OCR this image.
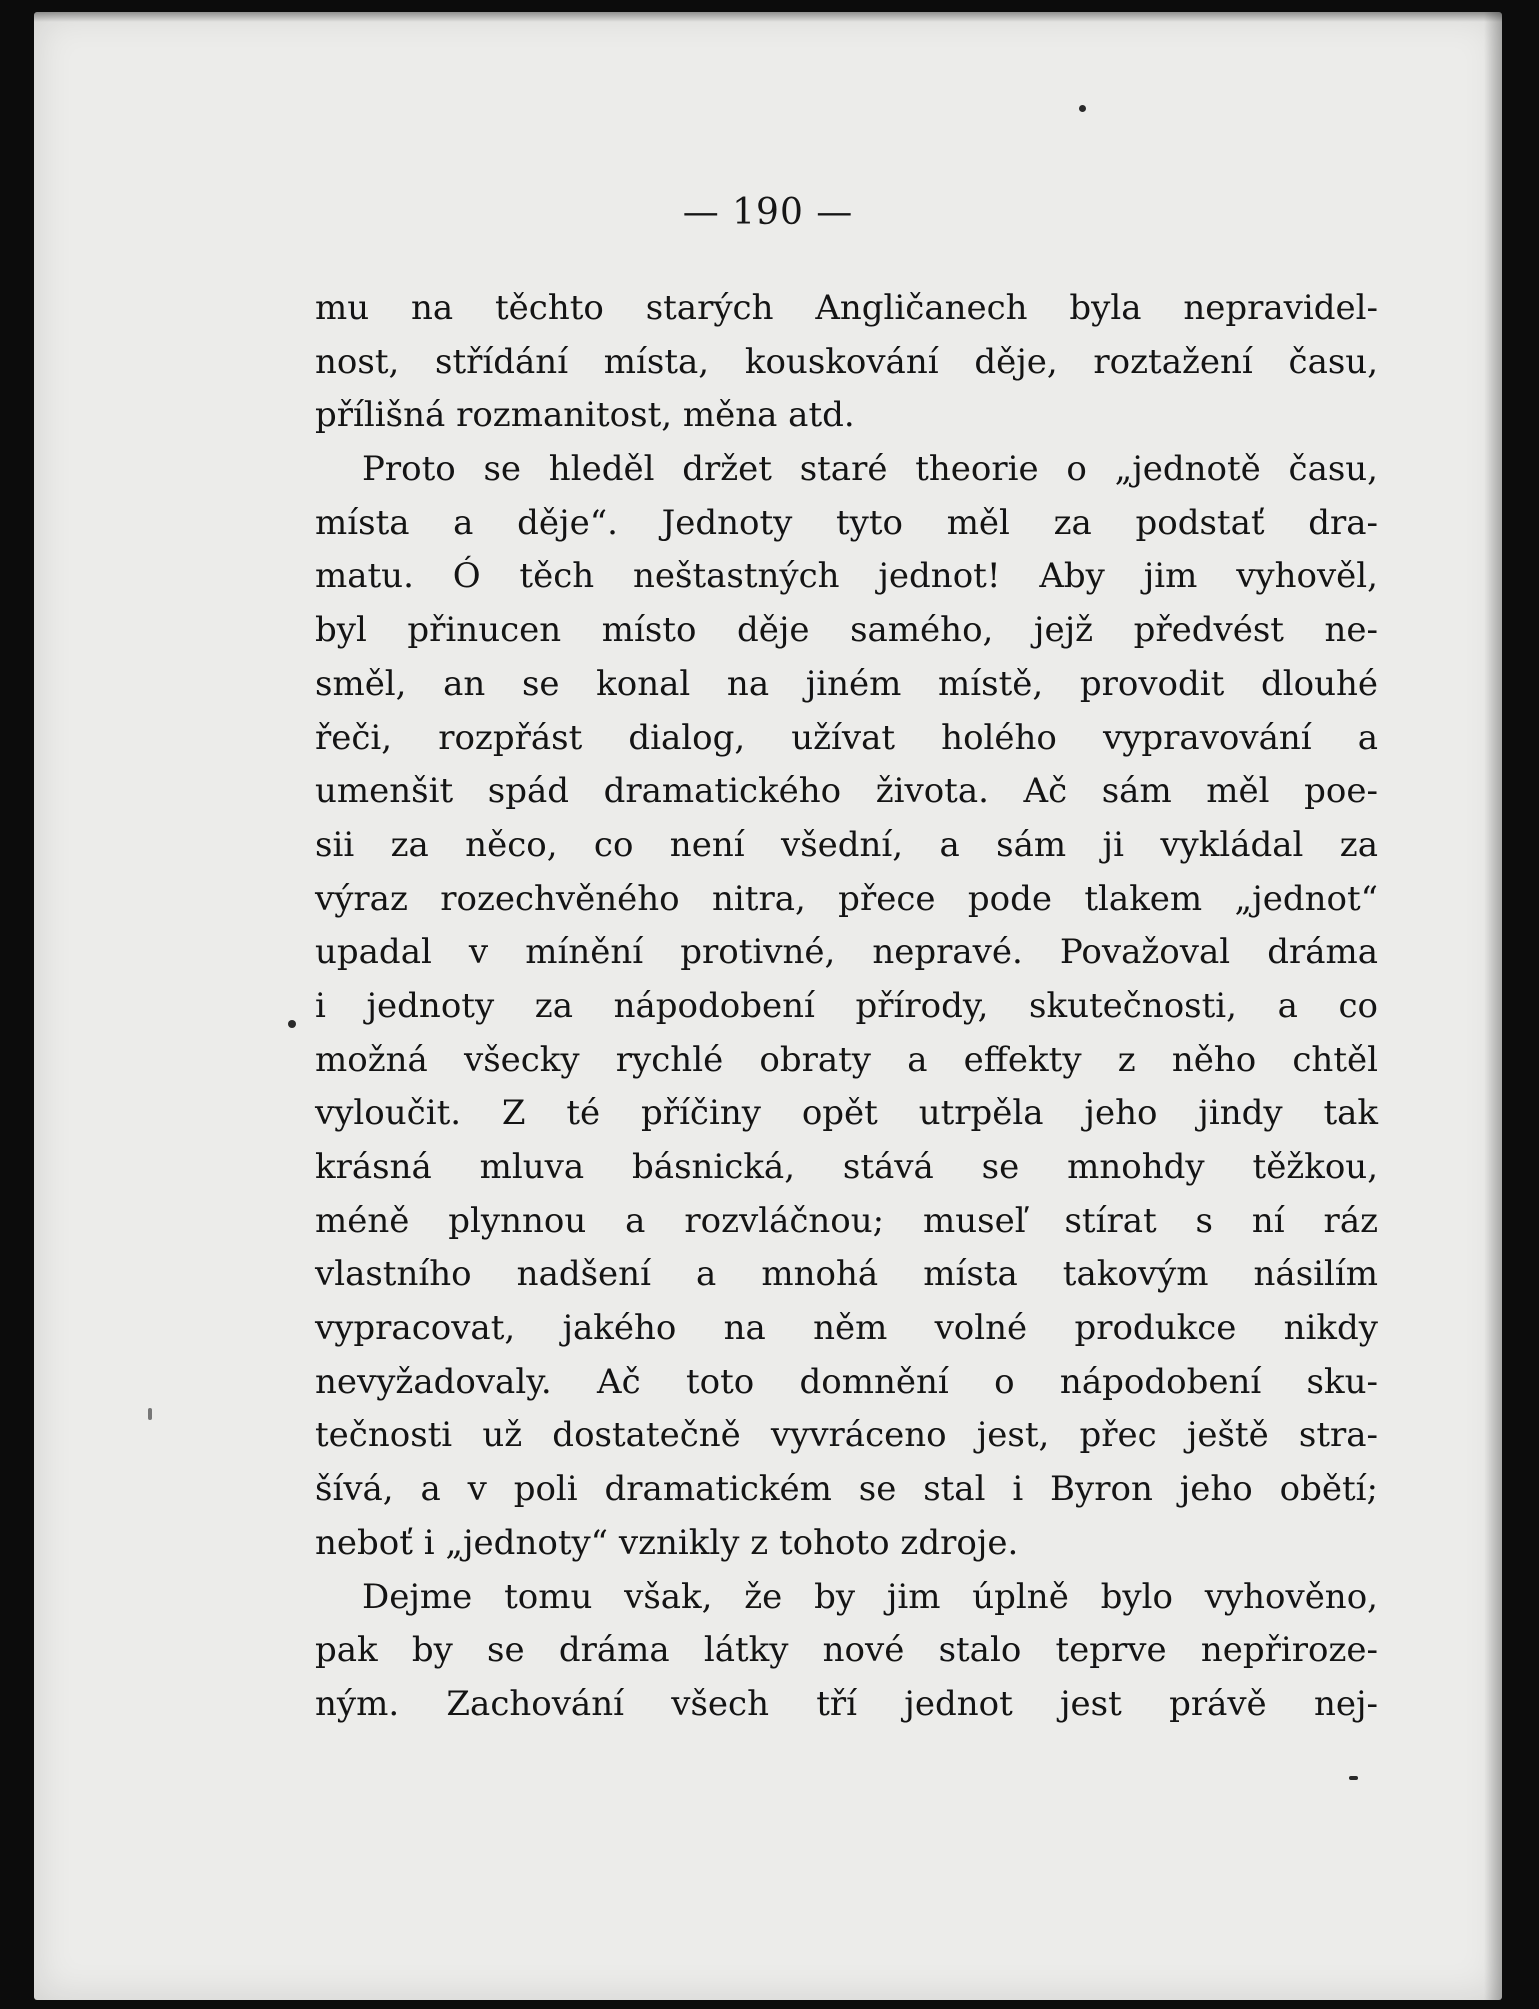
— 190 —
mu na těchto starých Angličanech byla nepravidel-
nost, střídání místa, kouskování děje, roztažení času,
přílišná rozmanitost, měna atd.
Proto se hleděl držet staré theorie o „jednotě času,
místa a děje“. Jednoty tyto měl za podstať dra-
matu. Ó těch neštastných jednot! Aby jim vyhověl,
byl přinucen místo děje samého, jejž předvést ne-
směl, an se konal na jiném místě, provodit dlouhé
řeči, rozpřást dialog, užívat holého vypravování a
umenšit spád dramatického života. Ač sám měl poe-
sii za něco, co není všední, a sám ji vykládal za
výraz rozechvěného nitra, přece pode tlakem „jednot“
upadal v mínění protivné, nepravé. Považoval dráma
i jednoty za nápodobení přírody, skutečnosti, a co
možná všecky rychlé obraty a effekty z něho chtěl
vyloučit. Z té příčiny opět utrpěla jeho jindy tak
krásná mluva básnická, stává se mnohdy těžkou,
méně plynnou a rozvláčnou; museľ stírat s ní ráz
vlastního nadšení a mnohá místa takovým násilím
vypracovat, jakého na něm volné produkce nikdy
nevyžadovaly. Ač toto domnění o nápodobení sku-
tečnosti už dostatečně vyvráceno jest, přec ještě stra-
šívá, a v poli dramatickém se stal i Byron jeho obětí;
neboť i „jednoty“ vznikly z tohoto zdroje.
Dejme tomu však, že by jim úplně bylo vyhověno,
pak by se dráma látky nové stalo teprve nepřiroze-
ným. Zachování všech tří jednot jest právě nej-
